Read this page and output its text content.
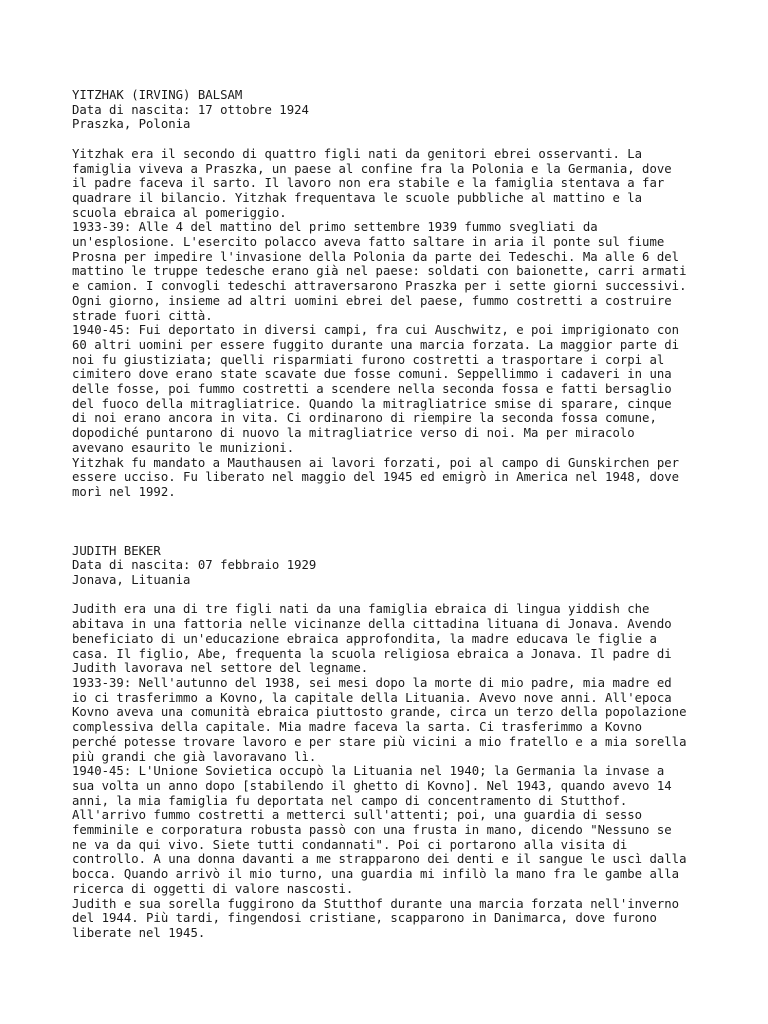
YITZHAK (IRVING) BALSAM
Data di nascita: 17 ottobre 1924
Praszka, Polonia
Yitzhak era il secondo di quattro figli nati da genitori ebrei osservanti. La
famiglia viveva a Praszka, un paese al confine fra la Polonia e la Germania, dove
il padre faceva il sarto. Il lavoro non era stabile e la famiglia stentava a far
quadrare il bilancio. Yitzhak frequentava le scuole pubbliche al mattino e la
scuola ebraica al pomeriggio.
1933-39: Alle 4 del mattino del primo settembre 1939 fummo svegliati da
un'esplosione. L'esercito polacco aveva fatto saltare in aria il ponte sul fiume
Prosna per impedire l'invasione della Polonia da parte dei Tedeschi. Ma alle 6 del
mattino le truppe tedesche erano già nel paese: soldati con baionette, carri armati
e camion. I convogli tedeschi attraversarono Praszka per i sette giorni successivi.
Ogni giorno, insieme ad altri uomini ebrei del paese, fummo costretti a costruire
strade fuori città.
1940-45: Fui deportato in diversi campi, fra cui Auschwitz, e poi imprigionato con
60 altri uomini per essere fuggito durante una marcia forzata. La maggior parte di
noi fu giustiziata; quelli risparmiati furono costretti a trasportare i corpi al
cimitero dove erano state scavate due fosse comuni. Seppellimmo i cadaveri in una
delle fosse, poi fummo costretti a scendere nella seconda fossa e fatti bersaglio
del fuoco della mitragliatrice. Quando la mitragliatrice smise di sparare, cinque
di noi erano ancora in vita. Ci ordinarono di riempire la seconda fossa comune,
dopodiché puntarono di nuovo la mitragliatrice verso di noi. Ma per miracolo
avevano esaurito le munizioni.
Yitzhak fu mandato a Mauthausen ai lavori forzati, poi al campo di Gunskirchen per
essere ucciso. Fu liberato nel maggio del 1945 ed emigrò in America nel 1948, dove
morì nel 1992.
JUDITH BEKER
Data di nascita: 07 febbraio 1929
Jonava, Lituania
Judith era una di tre figli nati da una famiglia ebraica di lingua yiddish che
abitava in una fattoria nelle vicinanze della cittadina lituana di Jonava. Avendo
beneficiato di un'educazione ebraica approfondita, la madre educava le figlie a
casa. Il figlio, Abe, frequenta la scuola religiosa ebraica a Jonava. Il padre di
Judith lavorava nel settore del legname.
1933-39: Nell'autunno del 1938, sei mesi dopo la morte di mio padre, mia madre ed
io ci trasferimmo a Kovno, la capitale della Lituania. Avevo nove anni. All'epoca
Kovno aveva una comunità ebraica piuttosto grande, circa un terzo della popolazione
complessiva della capitale. Mia madre faceva la sarta. Ci trasferimmo a Kovno
perché potesse trovare lavoro e per stare più vicini a mio fratello e a mia sorella
più grandi che già lavoravano lì.
1940-45: L'Unione Sovietica occupò la Lituania nel 1940; la Germania la invase a
sua volta un anno dopo [stabilendo il ghetto di Kovno]. Nel 1943, quando avevo 14
anni, la mia famiglia fu deportata nel campo di concentramento di Stutthof.
All'arrivo fummo costretti a metterci sull'attenti; poi, una guardia di sesso
femminile e corporatura robusta passò con una frusta in mano, dicendo "Nessuno se
ne va da qui vivo. Siete tutti condannati". Poi ci portarono alla visita di
controllo. A una donna davanti a me strapparono dei denti e il sangue le uscì dalla
bocca. Quando arrivò il mio turno, una guardia mi infilò la mano fra le gambe alla
ricerca di oggetti di valore nascosti.
Judith e sua sorella fuggirono da Stutthof durante una marcia forzata nell'inverno
del 1944. Più tardi, fingendosi cristiane, scapparono in Danimarca, dove furono
liberate nel 1945.
